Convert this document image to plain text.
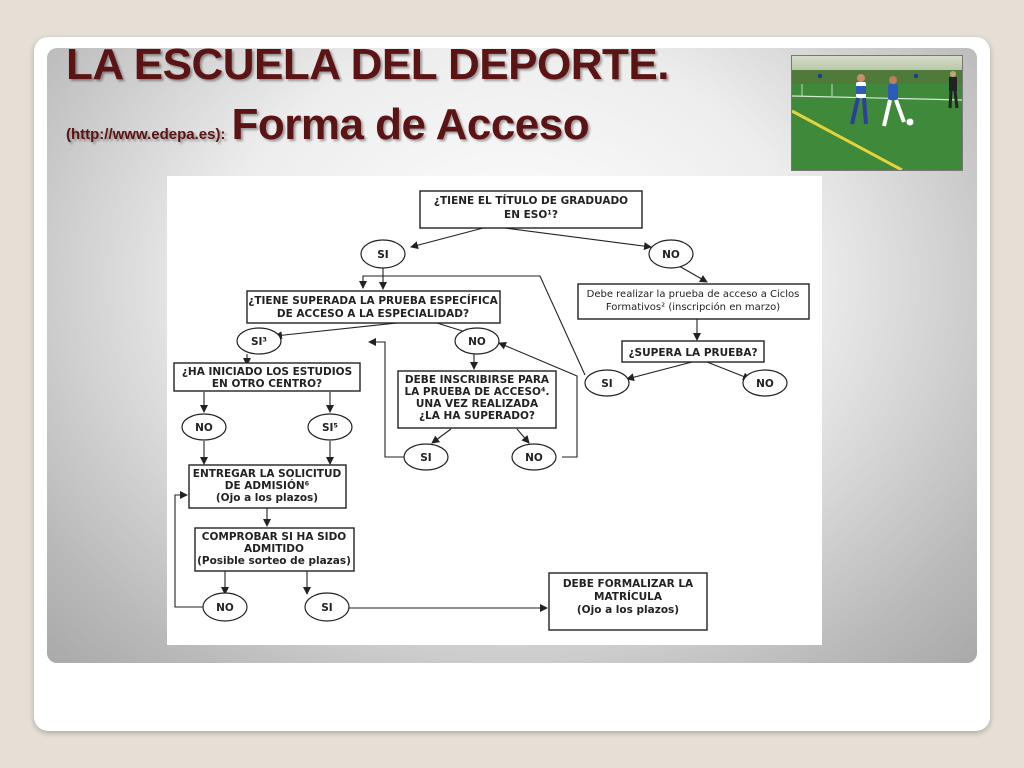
LA ESCUELA DEL DEPORTE.
(http://www.edepa.es): Forma de Acceso
¿TIENE EL TÍTULO DE GRADUADO
EN ESO¹?
SI	NO
¿TIENE SUPERADA LA PRUEBA ESPECÍFICA
DE ACCESO A LA ESPECIALIDAD?
Debe realizar la prueba de acceso a Ciclos
Formativos² (inscripción en marzo)
¿SUPERA LA PRUEBA?
SI³	NO
SI	NO
¿HA INICIADO LOS ESTUDIOS
EN OTRO CENTRO?	DEBE INSCRIBIRSE PARA
LA PRUEBA DE ACCESO⁴.
UNA VEZ REALIZADA
¿LA HA SUPERADO?
NO	SI⁵
SI	NO
ENTREGAR LA SOLICITUD
DE ADMISIÓN⁶
(Ojo a los plazos)
COMPROBAR SI HA SIDO
ADMITIDO
(Posible sorteo de plazas)
NO	SI
DEBE FORMALIZAR LA
MATRÍCULA
(Ojo a los plazos)
